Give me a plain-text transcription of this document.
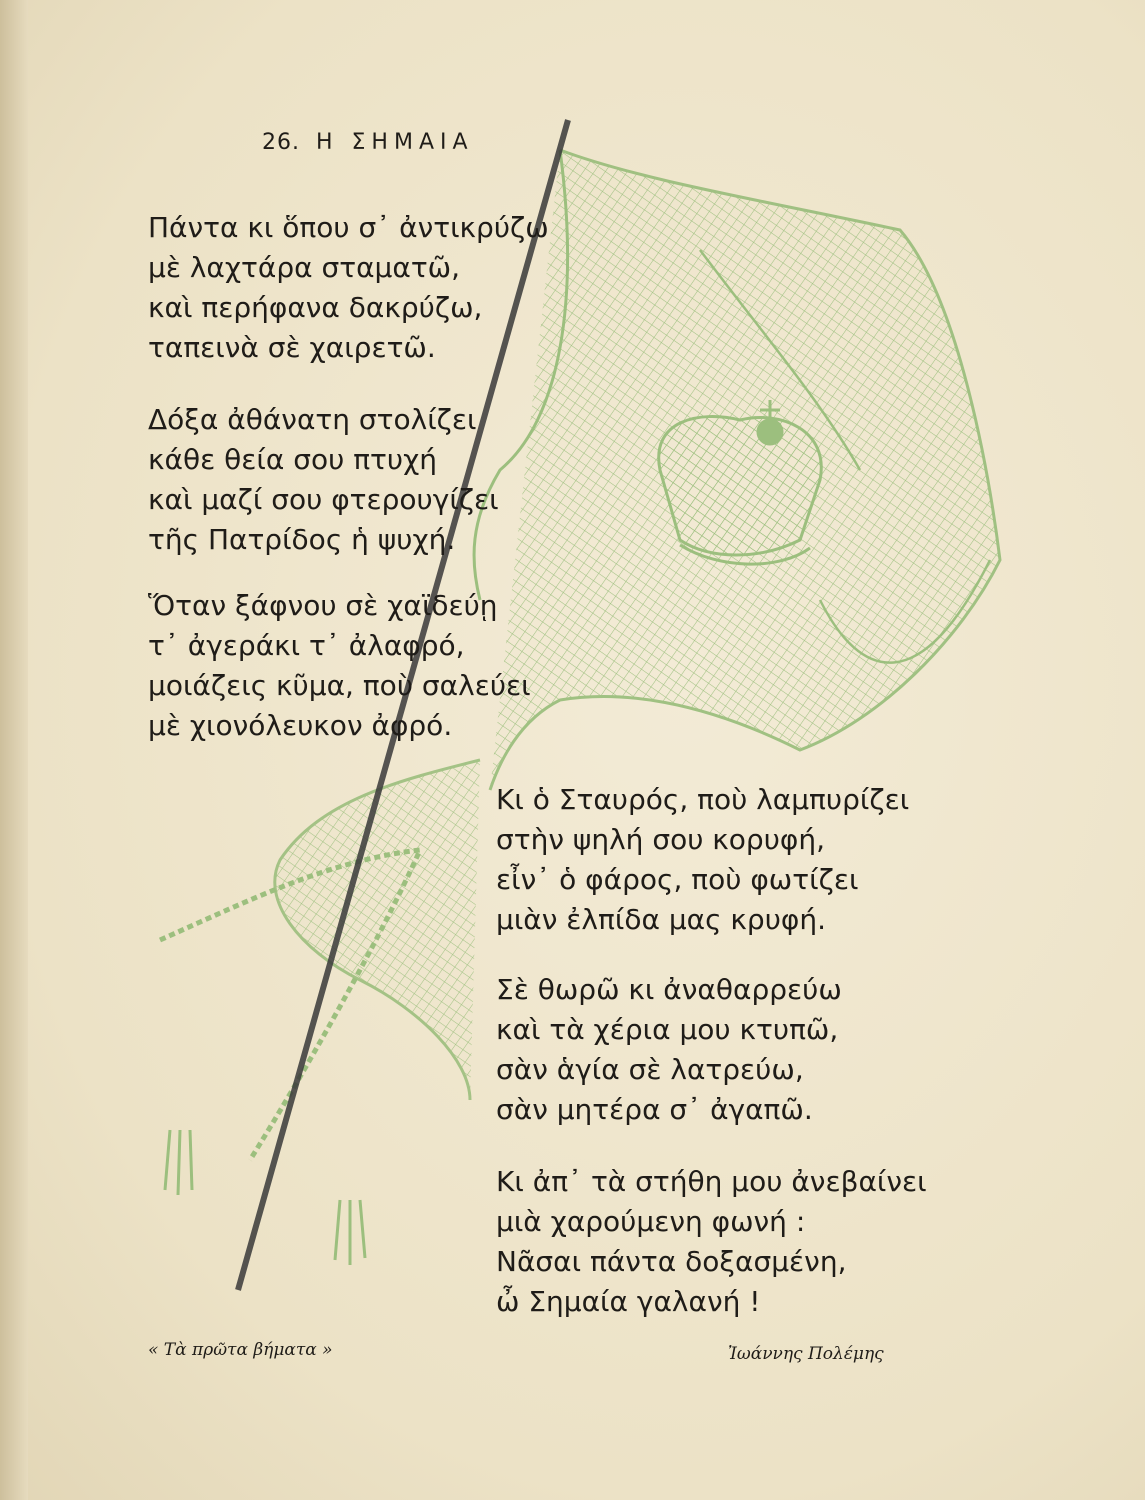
26. Η ΣΗΜΑΙΑ
Πάντα κι ὅπου σ᾿ ἀντικρύζω
μὲ λαχτάρα σταματῶ,
καὶ περήφανα δακρύζω,
ταπεινὰ σὲ χαιρετῶ.
Δόξα ἀθάνατη στολίζει
κάθε θεία σου πτυχή
καὶ μαζί σου φτερουγίζει
τῆς Πατρίδος ἡ ψυχή.
Ὅταν ξάφνου σὲ χαϊδεύῃ
τ᾿ ἀγεράκι τ᾿ ἀλαφρό,
μοιάζεις κῦμα, ποὺ σαλεύει
μὲ χιονόλευκον ἀφρό.
Κι ὁ Σταυρός, ποὺ λαμπυρίζει
στὴν ψηλή σου κορυφή,
εἶν᾿ ὁ φάρος, ποὺ φωτίζει
μιὰν ἐλπίδα μας κρυφή.
Σὲ θωρῶ κι ἀναθαρρεύω
καὶ τὰ χέρια μου κτυπῶ,
σὰν ἁγία σὲ λατρεύω,
σὰν μητέρα σ᾿ ἀγαπῶ.
Κι ἀπ᾿ τὰ στήθη μου ἀνεβαίνει
μιὰ χαρούμενη φωνή :
Νᾶσαι πάντα δοξασμένη,
ὦ Σημαία γαλανή !
« Τὰ πρῶτα βήματα »	Ἰωάννης Πολέμης
